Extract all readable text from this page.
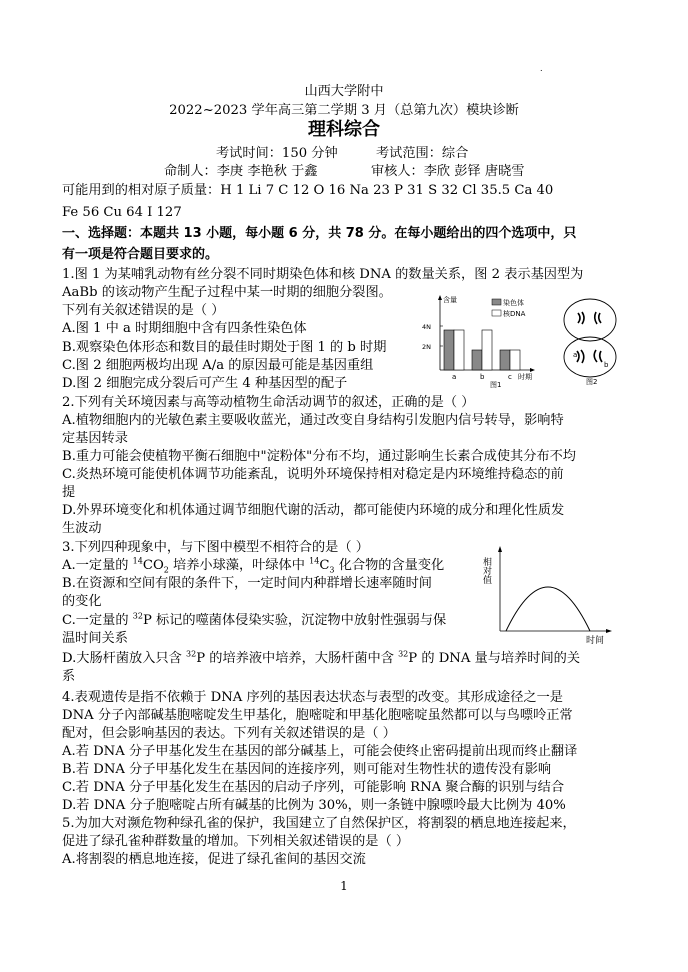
.
山西大学附中
2022~2023 学年高三第二学期 3 月（总第九次）模块诊断
理科综合
考试时间：150 分钟	考试范围：综合
命制人：李庚 李艳秋 于鑫	审核人：李欣 彭铎 唐晓雪
可能用到的相对原子质量：H 1 Li 7 C 12 O 16 Na 23 P 31 S 32 Cl 35.5 Ca 40
Fe 56 Cu 64 I 127
一、选择题：本题共 13 小题，每小题 6 分，共 78 分。在每小题给出的四个选项中，只
有一项是符合题目要求的。
1.图 1 为某哺乳动物有丝分裂不同时期染色体和核 DNA 的数量关系，图 2 表示基因型为
AaBb 的该动物产生配子过程中某一时期的细胞分裂图。
下列有关叙述错误的是（ ）
A.图 1 中 a 时期细胞中含有四条性染色体
B.观察染色体形态和数目的最佳时期处于图 1 的 b 时期
C.图 2 细胞两极均出现 A/a 的原因最可能是基因重组
D.图 2 细胞完成分裂后可产生 4 种基因型的配子
含量	染色体
核DNA
4N
2N
a	b	c 时期
图1
a
b
图2
2.下列有关环境因素与高等动植物生命活动调节的叙述，正确的是（ ）
A.植物细胞内的光敏色素主要吸收蓝光，通过改变自身结构引发胞内信号转导，影响特
定基因转录
B.重力可能会使植物平衡石细胞中"淀粉体"分布不均，通过影响生长素合成使其分布不均
C.炎热环境可能使机体调节功能紊乱，说明外环境保持相对稳定是内环境维持稳态的前
提
D.外界环境变化和机体通过调节细胞代谢的活动，都可能使内环境的成分和理化性质发
生波动
3.下列四种现象中，与下图中模型不相符合的是（ ）
A.一定量的 $^{14}CO_2$ 培养小球藻，叶绿体中 $^{14}C_3$ 化合物的含量变化
B.在资源和空间有限的条件下，一定时间内种群增长速率随时间
的变化
C.一定量的 $^{32}$P 标记的噬菌体侵染实验，沉淀物中放射性强弱与保
温时间关系
D.大肠杆菌放入只含 $^{32}$P 的培养液中培养，大肠杆菌中含 $^{32}$P 的 DNA 量与培养时间的关
系
相对值
时间
4.表观遗传是指不依赖于 DNA 序列的基因表达状态与表型的改变。其形成途径之一是
DNA 分子內部碱基胞嘧啶发生甲基化，胞嘧啶和甲基化胞嘧啶虽然都可以与鸟嘌呤正常
配对，但会影响基因的表达。下列有关叙述错误的是（ ）
A.若 DNA 分子甲基化发生在基因的部分碱基上，可能会使终止密码提前出现而终止翻译
B.若 DNA 分子甲基化发生在基因间的连接序列，则可能对生物性状的遗传没有影响
C.若 DNA 分子甲基化发生在基因的启动子序列，可能影响 RNA 聚合酶的识别与结合
D.若 DNA 分子胞嘧啶占所有碱基的比例为 30%，则一条链中腺嘌呤最大比例为 40%
5.为加大对濒危物种绿孔雀的保护，我国建立了自然保护区，将割裂的栖息地连接起来，
促进了绿孔雀种群数量的增加。下列相关叙述错误的是（ ）
A.将割裂的栖息地连接，促进了绿孔雀间的基因交流
1
